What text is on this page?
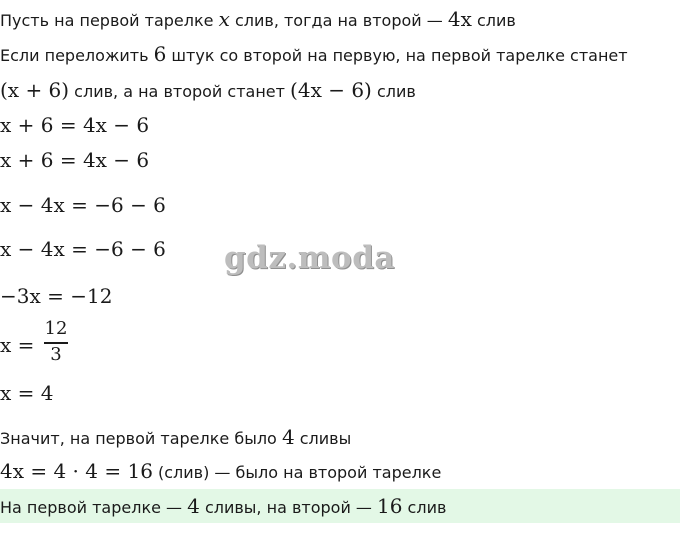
Пусть на первой тарелке x слив, тогда на второй — 4x слив
Если переложить 6 штук со второй на первую, на первой тарелке станет
(x + 6) слив, а на второй станет (4x − 6) слив
x + 6 = 4x − 6
x + 6 = 4x − 6
x − 4x = −6 − 6
x − 4x = −6 − 6
−3x = −12
x =
12
3
x = 4
Значит, на первой тарелке было 4 сливы
4x = 4 · 4 = 16 (слив) — было на второй тарелке
На первой тарелке — 4 сливы, на второй — 16 слив
gdz.moda
